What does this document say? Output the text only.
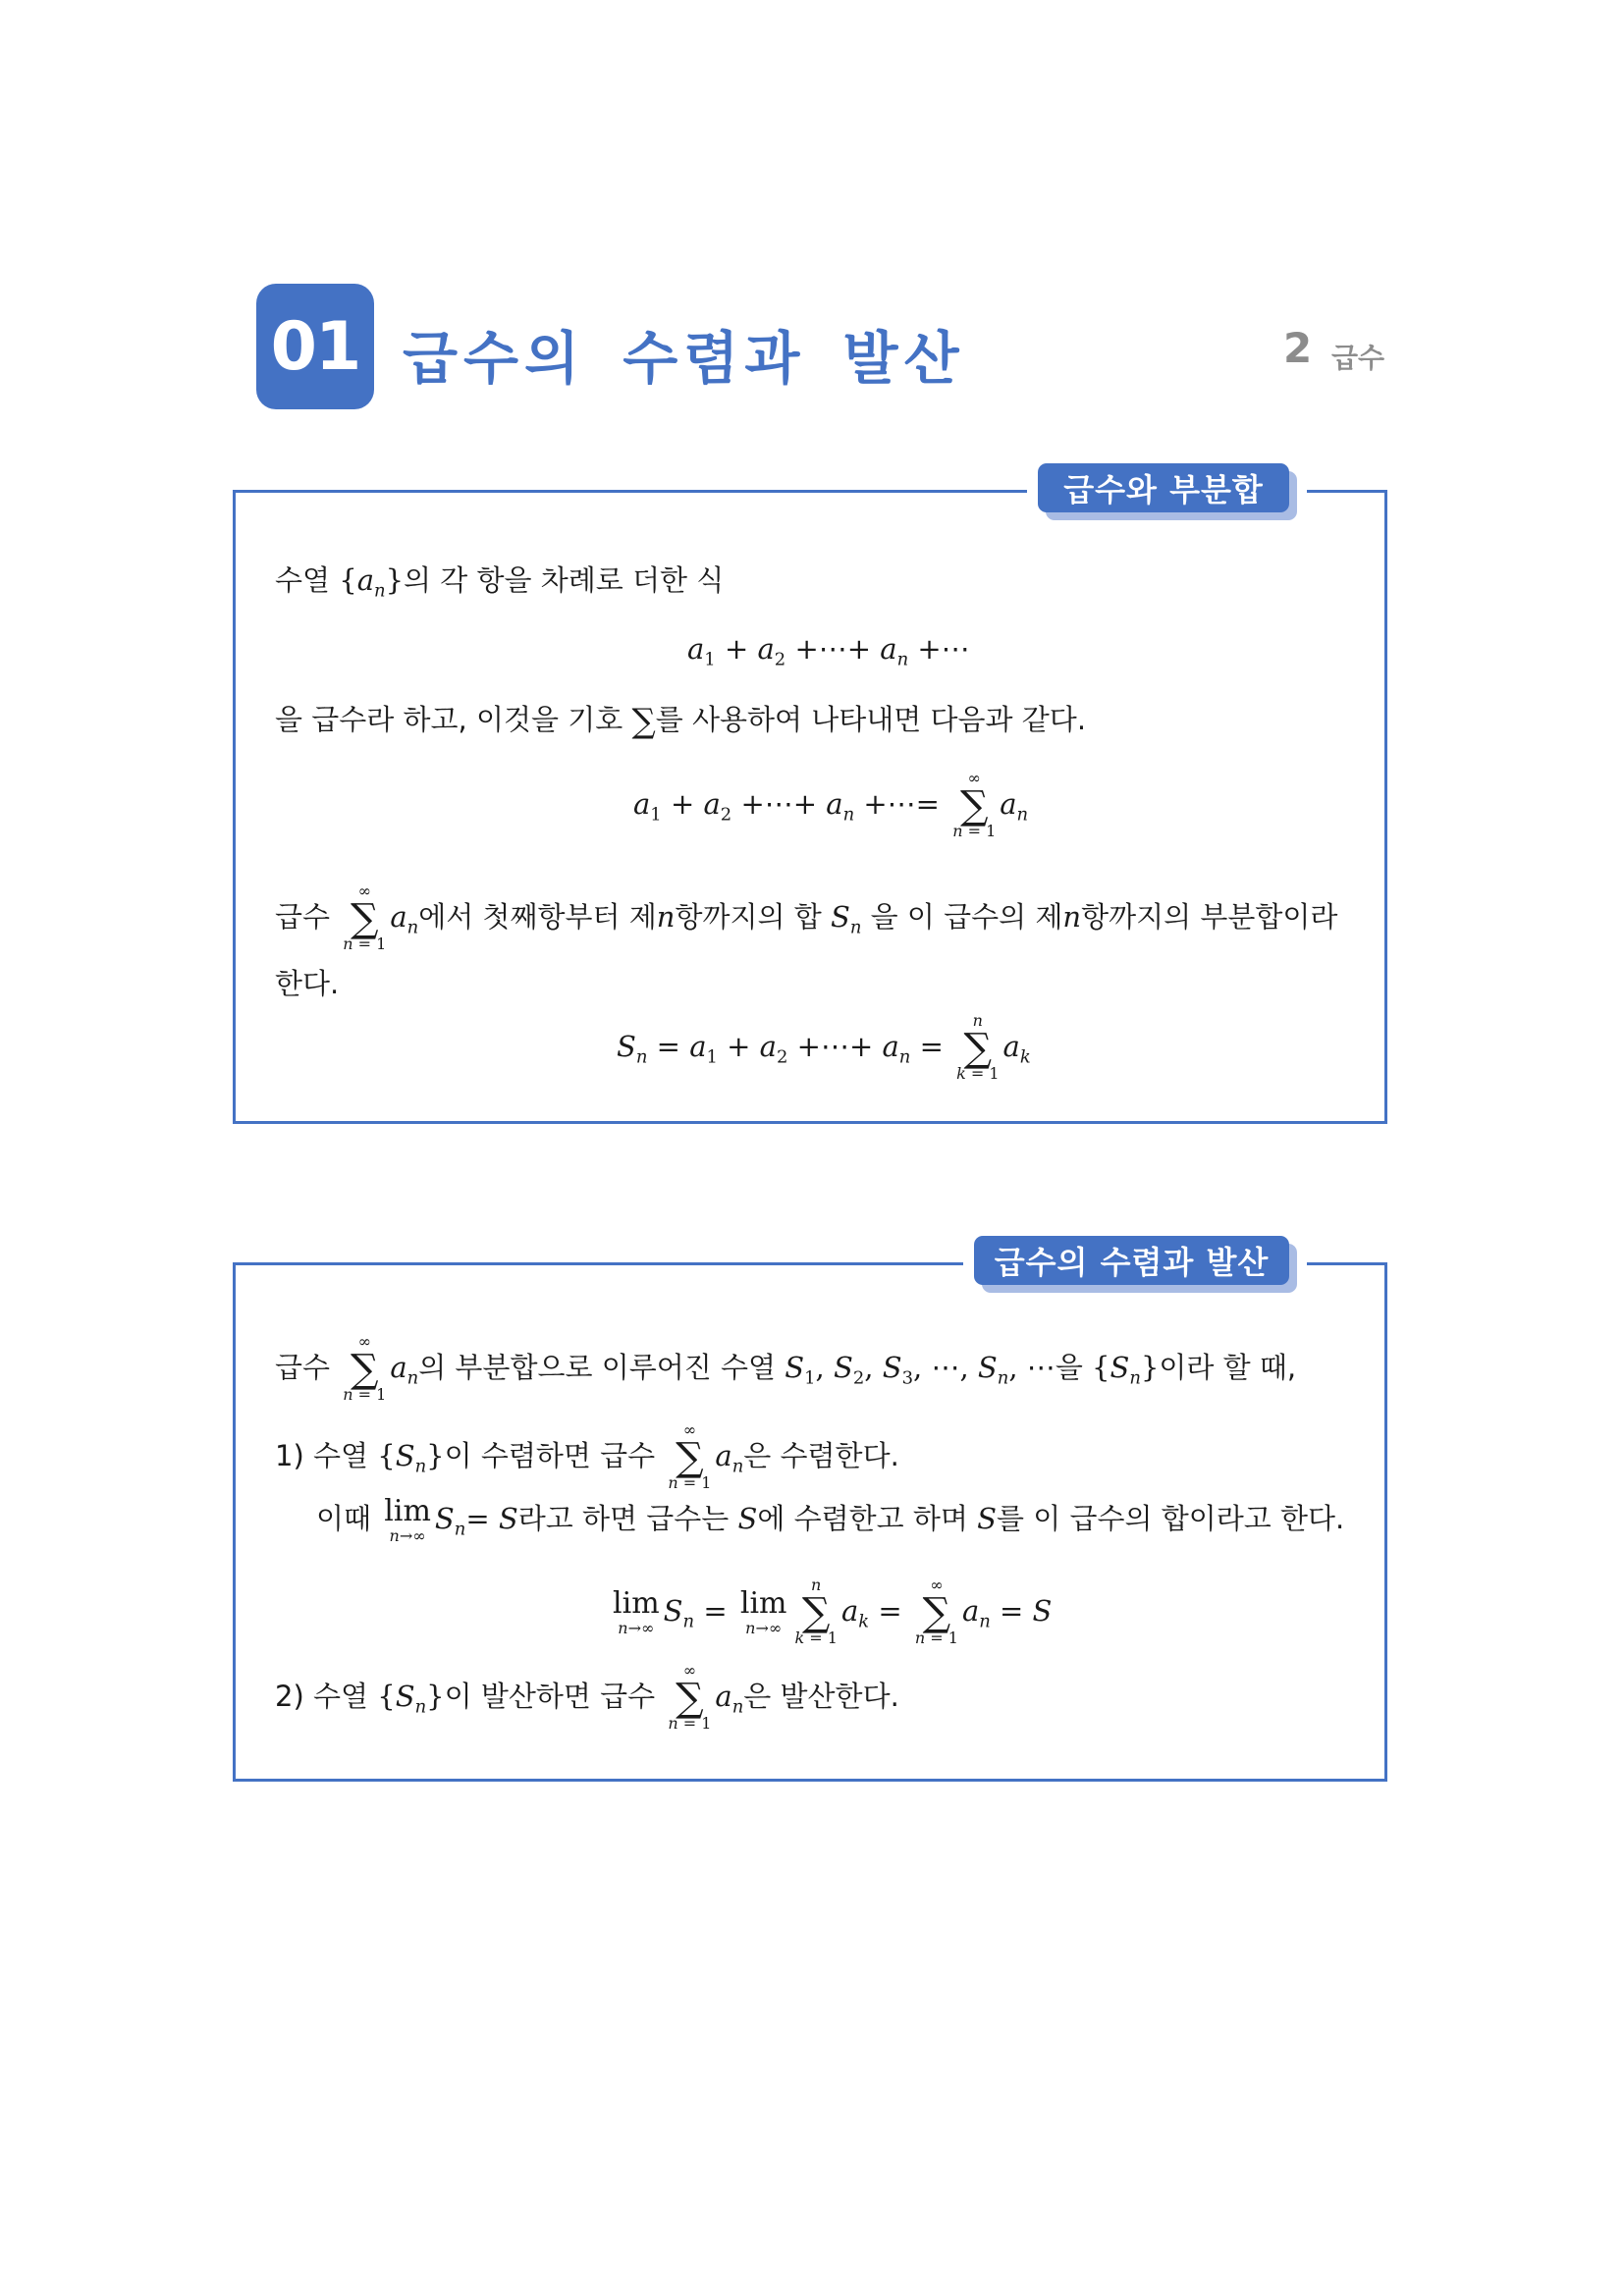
01 급수의 수렴과 발산	2 급수
급수와 부분합
수열 $\{a_n\}$의 각 항을 차례로 더한 식
$a_1 + a_2$ +⋯+ $a_n$ +⋯
을 급수라 하고, 이것을 기호 ∑를 사용하여 나타내면 다음과 같다.
$a_1 + a_2$ +⋯+ $a_n$ +⋯=
∞
∑
n = 1
$a_n$
급수
∞
∑
n = 1
$a_n$에서 첫째항부터 제n항까지의 합 $S_n$ 을 이 급수의 제n항까지의 부분합이라
한다.
$S_n = a_1 + a_2$ +⋯+ $a_n$ =
n
∑
k = 1
$a_k$
급수의 수렴과 발산
급수
∞
∑
n = 1
$a_n$의 부분합으로 이루어진 수열 $S_1$, $S_2$, $S_3$, ⋯, $S_n$, ⋯을 $\{S_n\}$이라 할 때,
1) 수열 $\{S_n\}$이 수렴하면 급수
∞
∑
n = 1
$a_n$은 수렴한다.
이때 lim
n→∞
$S_n= S$라고 하면 급수는 S에 수렴한고 하며 S를 이 급수의 합이라고 한다.
lim
n→∞
$S_n = \lim$
n→∞
n
∑
k = 1
$a_k$ =
∞
∑
n = 1
$a_n = S$
2) 수열 $\{S_n\}$이 발산하면 급수
∞
∑
n = 1
$a_n$은 발산한다.
